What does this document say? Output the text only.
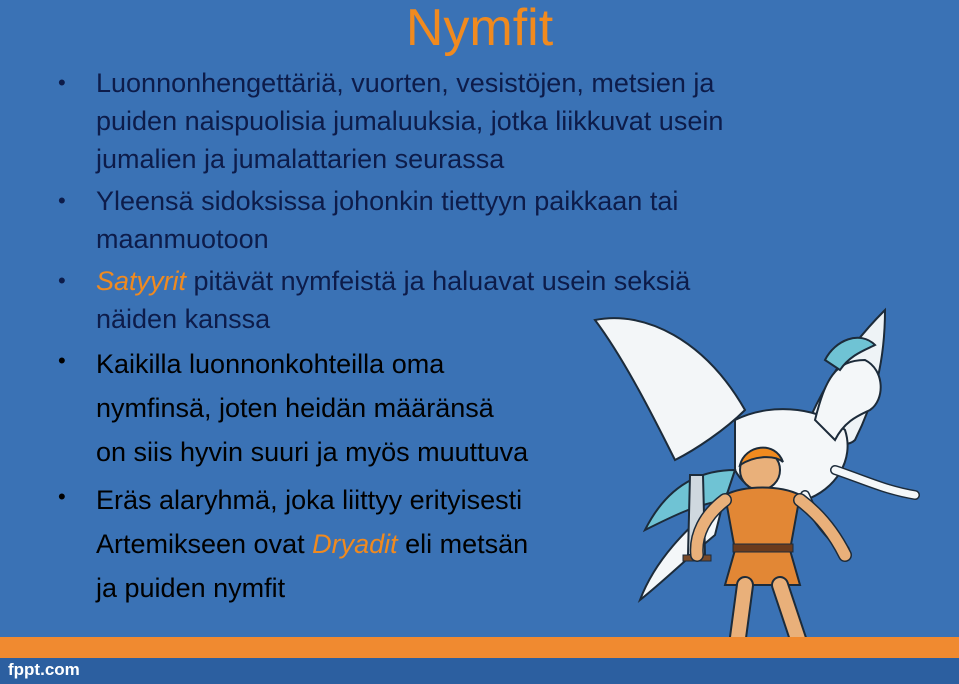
Nymfit
• Luonnonhengettäriä, vuorten, vesistöjen, metsien ja
puiden naispuolisia jumaluuksia, jotka liikkuvat usein
jumalien ja jumalattarien seurassa
• Yleensä sidoksissa johonkin tiettyyn paikkaan tai
maanmuotoon
• Satyyrit pitävät nymfeistä ja haluavat usein seksiä
näiden kanssa
• Kaikilla luonnonkohteilla oma
nymfinsä, joten heidän määränsä
on siis hyvin suuri ja myös muuttuva
• Eräs alaryhmä, joka liittyy erityisesti
Artemikseen ovat Dryadit eli metsän
ja puiden nymfit
fppt.com
